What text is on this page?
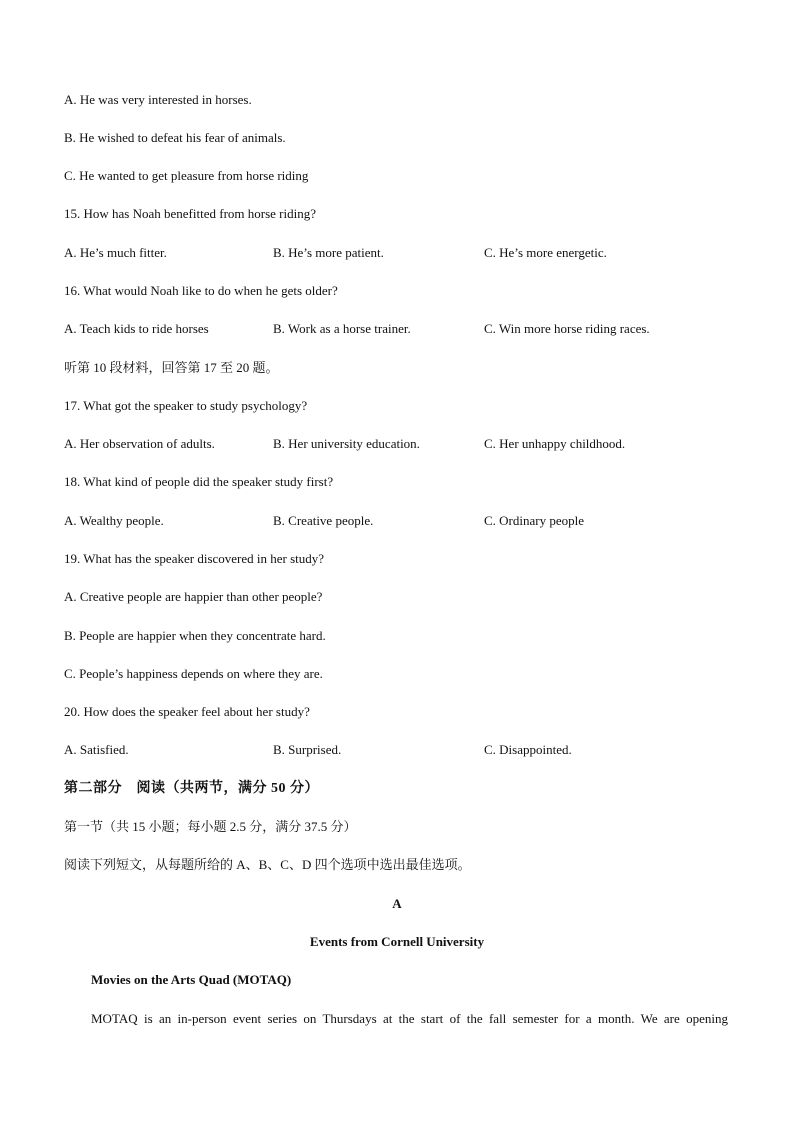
A. He was very interested in horses.
B. He wished to defeat his fear of animals.
C. He wanted to get pleasure from horse riding
15. How has Noah benefitted from horse riding?
A. He’s much fitter.	B. He’s more patient.	C. He’s more energetic.
16. What would Noah like to do when he gets older?
A. Teach kids to ride horses	B. Work as a horse trainer.	C. Win more horse riding races.
听第 10 段材料，回答第 17 至 20 题。
17. What got the speaker to study psychology?
A. Her observation of adults.	B. Her university education.	C. Her unhappy childhood.
18. What kind of people did the speaker study first?
A. Wealthy people.	B. Creative people.	C. Ordinary people
19. What has the speaker discovered in her study?
A. Creative people are happier than other people?
B. People are happier when they concentrate hard.
C. People’s happiness depends on where they are.
20. How does the speaker feel about her study?
A. Satisfied.	B. Surprised.	C. Disappointed.
第二部分　阅读（共两节，满分 50 分）
第一节（共 15 小题；每小题 2.5 分，满分 37.5 分）
阅读下列短文，从每题所给的 A、B、C、D 四个选项中选出最佳选项。
A
Events from Cornell University
Movies on the Arts Quad (MOTAQ)
MOTAQ is an in-person event series on Thursdays at the start of the fall semester for a month. We are opening
